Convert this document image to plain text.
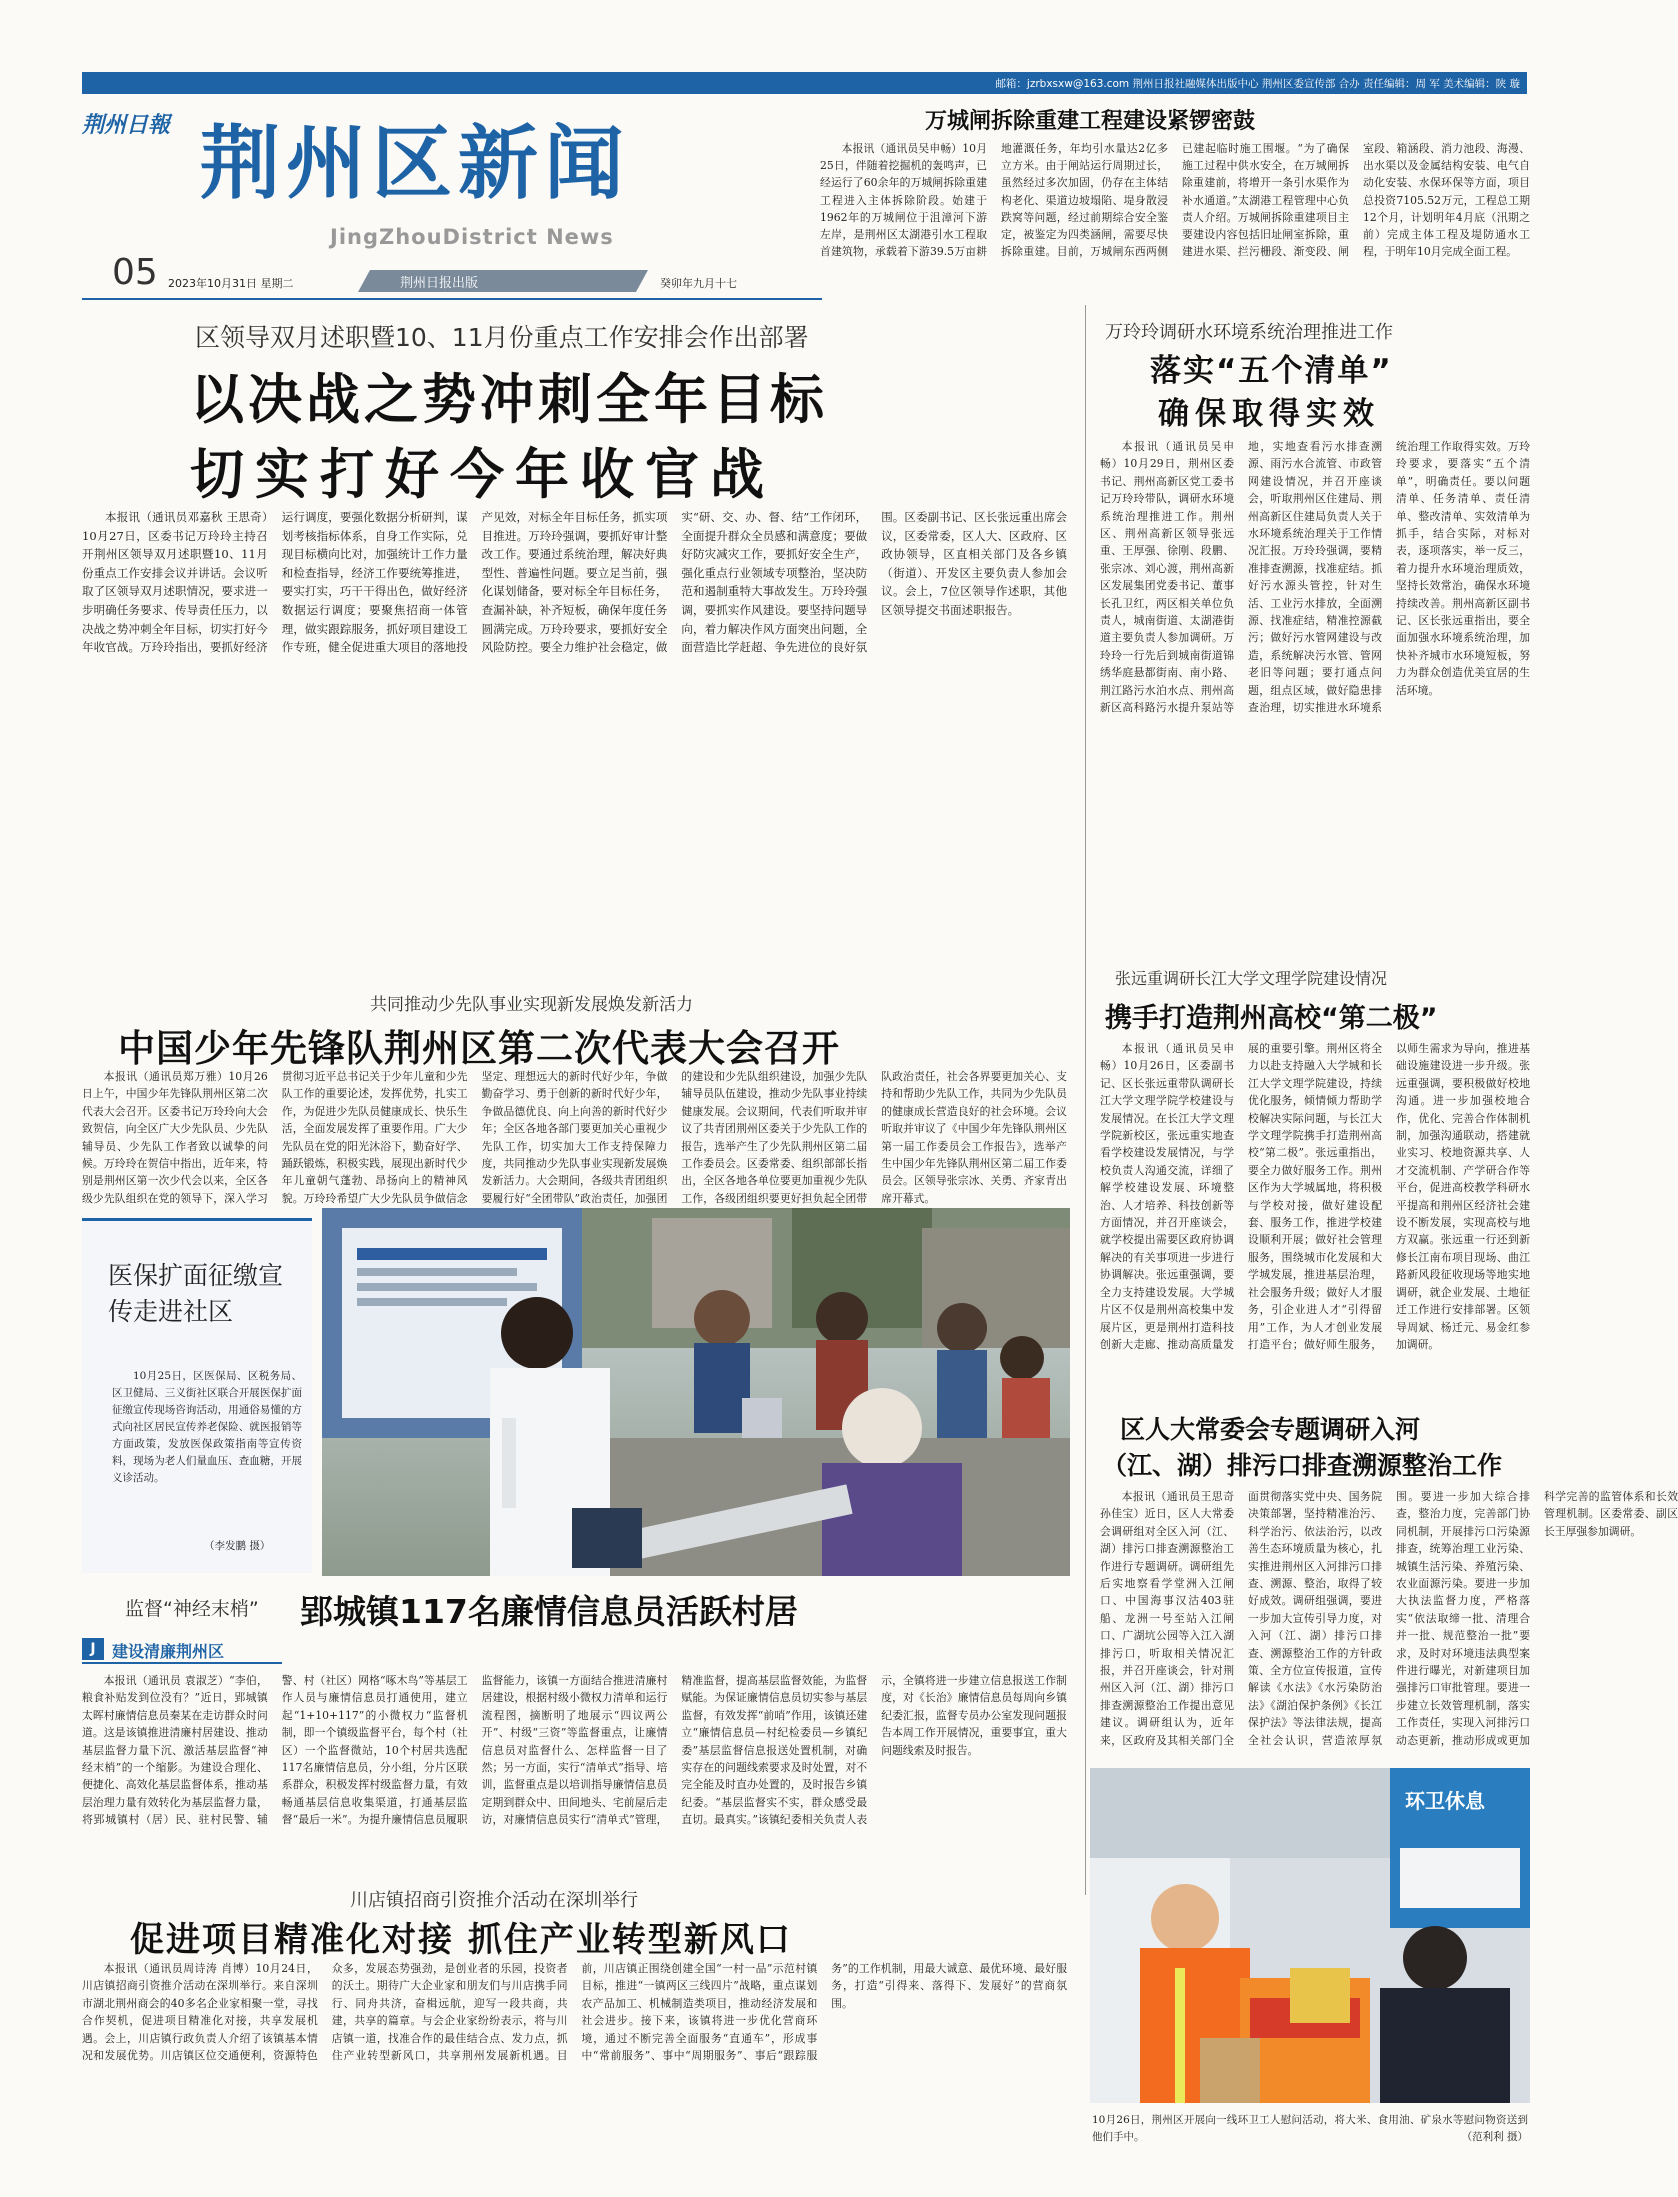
邮箱：jzrbxsxw@163.com 荆州日报社融媒体出版中心 荆州区委宣传部 合办 责任编辑：周 军 美术编辑：陕 璇
荆州日報 荆州区新闻
JingZhouDistrict News
05 2023年10月31日 星期二	荆州日报出版	癸卯年九月十七
万城闸拆除重建工程建设紧锣密鼓

本报讯（通讯员吴申畅）10月25日，伴随着挖掘机的轰鸣声，已经运行了60余年的万城闸拆除重建工程进入主体拆除阶段。始建于1962年的万城闸位于沮漳河下游左岸，是荆州区太湖港引水工程取首建筑物，承载着下游39.5万亩耕地灌溉任务，年均引水量达2亿多立方米。由于闸站运行周期过长，虽然经过多次加固，仍存在主体结构老化、渠道边坡塌陷、堤身散浸跌窝等问题，经过前期综合安全鉴定，被鉴定为四类涵闸，需要尽快拆除重建。目前，万城闸东西两侧已建起临时施工围堰。“为了确保施工过程中供水安全，在万城闸拆除重建前，将增开一条引水渠作为补水通道。”太湖港工程管理中心负责人介绍。万城闸拆除重建项目主要建设内容包括旧址闸室拆除，重建进水渠、拦污栅段、渐变段、闸室段、箱涵段、消力池段、海漫、出水渠以及金属结构安装、电气自动化安装、水保环保等方面，项目总投资7105.52万元，工程总工期12个月，计划明年4月底（汛期之前）完成主体工程及堤防通水工程，于明年10月完成全面工程。

区领导双月述职暨10、11月份重点工作安排会作出部署
以决战之势冲刺全年目标
切实打好今年收官战

本报讯（通讯员邓嘉秋 王思奇）10月27日，区委书记万玲玲主持召开荆州区领导双月述职暨10、11月份重点工作安排会议并讲话。会议听取了区领导双月述职情况，要求进一步明确任务要求、传导责任压力，以决战之势冲刺全年目标，切实打好今年收官战。万玲玲指出，要抓好经济运行调度，要强化数据分析研判，谋划考核指标体系，自身工作实际，兑现目标横向比对，加强统计工作力量和检查指导，经济工作要统筹推进，要实打实，巧干干得出色，做好经济数据运行调度；要聚焦招商一体管理，做实跟踪服务，抓好项目建设工作专班，健全促进重大项目的落地投产见效，对标全年目标任务，抓实项目推进。万玲玲强调，要抓好审计整改工作。要通过系统治理，解决好典型性、普遍性问题。要立足当前，强化谋划储备，要对标全年目标任务，查漏补缺，补齐短板，确保年度任务圆满完成。万玲玲要求，要抓好安全风险防控。要全力维护社会稳定，做实“研、交、办、督、结”工作闭环，全面提升群众全员感和满意度；要做好防灾减灾工作，要抓好安全生产，强化重点行业领域专项整治，坚决防范和遏制重特大事故发生。万玲玲强调，要抓实作风建设。要坚持问题导向，着力解决作风方面突出问题，全面营造比学赶超、争先进位的良好氛围。区委副书记、区长张远重出席会议，区委常委，区人大、区政府、区政协领导，区直相关部门及各乡镇（街道）、开发区主要负责人参加会议。会上，7位区领导作述职，其他区领导提交书面述职报告。

万玲玲调研水环境系统治理推进工作
落实“五个清单”
确保取得实效

本报讯（通讯员吴申畅）10月29日，荆州区委书记、荆州高新区党工委书记万玲玲带队，调研水环境系统治理推进工作。荆州区、荆州高新区领导张远重、王厚强、徐刚、段鹏、张宗冰、刘心渡，荆州高新区发展集团党委书记、董事长孔卫红，两区相关单位负责人，城南街道、太湖港街道主要负责人参加调研。万玲玲一行先后到城南街道锦绣华庭悬都街南、南小路、荆江路污水泊水点、荆州高新区高科路污水提升泵站等地，实地查看污水排查溯源、雨污水合流管、市政管网建设情况，并召开座谈会，听取荆州区住建局、荆州高新区住建局负责人关于水环境系统治理关于工作情况汇报。万玲玲强调，要精准排查溯源，找准症结。抓好污水源头管控，针对生活、工业污水排放，全面溯源、找准症结，精准控源截污；做好污水管网建设与改造，系统解决污水管、管网老旧等问题；要打通点问题，组点区域，做好隐患排查治理，切实推进水环境系统治理工作取得实效。万玲玲要求，要落实“五个清单”，明确责任。要以问题清单、任务清单、责任清单、整改清单、实效清单为抓手，结合实际，对标对表，逐项落实，举一反三，着力提升水环境治理质效，坚持长效常治，确保水环境持续改善。荆州高新区副书记、区长张远重指出，要全面加强水环境系统治理，加快补齐城市水环境短板，努力为群众创造优美宜居的生活环境。

共同推动少先队事业实现新发展焕发新活力
中国少年先锋队荆州区第二次代表大会召开

本报讯（通讯员郑万雅）10月26日上午，中国少年先锋队荆州区第二次代表大会召开。区委书记万玲玲向大会致贺信，向全区广大少先队员、少先队辅导员、少先队工作者致以诚挚的问候。万玲玲在贺信中指出，近年来，特别是荆州区第一次少代会以来，全区各级少先队组织在党的领导下，深入学习贯彻习近平总书记关于少年儿童和少先队工作的重要论述，发挥优势，扎实工作，为促进少先队员健康成长、快乐生活，全面发展发挥了重要作用。广大少先队员在党的阳光沐浴下，勤奋好学、踊跃锻炼，积极实践，展现出新时代少年儿童朝气蓬勃、昂扬向上的精神风貌。万玲玲希望广大少先队员争做信念坚定、理想远大的新时代好少年，争做勤奋学习、勇于创新的新时代好少年，争做品德优良、向上向善的新时代好少年；全区各地各部门要更加关心重视少先队工作，切实加大工作支持保障力度，共同推动少先队事业实现新发展焕发新活力。大会期间，各级共青团组织要履行好“全团带队”政治责任，加强团的建设和少先队组织建设，加强少先队辅导员队伍建设，推动少先队事业持续健康发展。会议期间，代表们听取并审议了共青团荆州区委关于少先队工作的报告，选举产生了少先队荆州区第二届工作委员会。区委常委、组织部部长指出，全区各地各单位要更加重视少先队工作，各级团组织要更好担负起全团带队政治责任，社会各界要更加关心、支持和帮助少先队工作，共同为少先队员的健康成长营造良好的社会环境。会议听取并审议了《中国少年先锋队荆州区第一届工作委员会工作报告》，选举产生中国少年先锋队荆州区第二届工作委员会。区领导张宗冰、关勇、齐家青出席开幕式。

张远重调研长江大学文理学院建设情况
携手打造荆州高校“第二极”

本报讯（通讯员吴申畅）10月26日，区委副书记、区长张远重带队调研长江大学文理学院学校建设与发展情况。在长江大学文理学院新校区，张远重实地查看学校建设发展情况，与学校负责人沟通交流，详细了解学校建设发展、环境整治、人才培养、科技创新等方面情况，并召开座谈会，就学校提出需要区政府协调解决的有关事项进一步进行协调解决。张远重强调，要全力支持建设发展。大学城片区不仅是荆州高校集中发展片区，更是荆州打造科技创新大走廊、推动高质量发展的重要引擎。荆州区将全力以赴支持融入大学城和长江大学文理学院建设，持续优化服务，倾情倾力帮助学校解决实际问题，与长江大学文理学院携手打造荆州高校“第二极”。张远重指出，要全力做好服务工作。荆州区作为大学城属地，将积极与学校对接，做好建设配套、服务工作，推进学校建设顺利开展；做好社会管理服务，围绕城市化发展和大学城发展，推进基层治理，社会服务升级；做好人才服务，引企业进人才“引得留用”工作，为人才创业发展打造平台；做好师生服务，以师生需求为导向，推进基础设施建设进一步升级。张远重强调，要积极做好校地沟通。进一步加强校地合作，优化、完善合作体制机制，加强沟通联动，搭建就业实习、校地资源共享、人才交流机制、产学研合作等平台，促进高校教学科研水平提高和荆州区经济社会建设不断发展，实现高校与地方双赢。张远重一行还到新修长江南布项目现场、曲江路新风段征收现场等地实地调研，就企业发展、土地征迁工作进行安排部署。区领导周斌、杨迁元、易金红参加调研。

医保扩面征缴宣传走进社区

10月25日，区医保局、区税务局、区卫健局、三义街社区联合开展医保扩面征缴宣传现场咨询活动，用通俗易懂的方式向社区居民宣传养老保险、就医报销等方面政策，发放医保政策指南等宣传资料，现场为老人们量血压、查血糖，开展义诊活动。

（李发鹏 摄）
区人大常委会专题调研入河
（江、湖）排污口排查溯源整治工作

本报讯（通讯员王思奇 孙佳宝）近日，区人大常委会调研组对全区入河（江、湖）排污口排查溯源整治工作进行专题调研。调研组先后实地察看学堂洲入江闸口、中国海事汉沽403驻船、龙洲一号至站入江闸口、广湖坑公园等入江入湖排污口，听取相关情况汇报，并召开座谈会，针对荆州区入河（江、湖）排污口排查溯源整治工作提出意见建议。调研组认为，近年来，区政府及其相关部门全面贯彻落实党中央、国务院决策部署，坚持精准治污、科学治污、依法治污，以改善生态环境质量为核心，扎实推进荆州区入河排污口排查、溯源、整治，取得了较好成效。调研组强调，要进一步加大宣传引导力度，对入河（江、湖）排污口排查、溯源整治工作的方针政策、全方位宣传报道，宣传解读《水法》《水污染防治法》《湖泊保护条例》《长江保护法》等法律法规，提高全社会认识，营造浓厚氛围。要进一步加大综合排查，整治力度，完善部门协同机制，开展排污口污染源排查，统筹治理工业污染、城镇生活污染、养殖污染、农业面源污染。要进一步加大执法监督力度，严格落实“依法取缔一批、清理合并一批、规范整治一批”要求，及时对环境违法典型案件进行曝光，对新建项目加强排污口审批管理。要进一步建立长效管理机制，落实工作责任，实现入河排污口动态更新，推动形成或更加科学完善的监管体系和长效管理机制。区委常委、副区长王厚强参加调研。

监督“神经末梢” 郢城镇117名廉情信息员活跃村居
J	建设清廉荆州区

本报讯（通讯员 袁淑芝）“李伯，粮食补贴发到位没有？”近日，郢城镇太晖村廉情信息员秦某在走访群众时问道。这是该镇推进清廉村居建设、推动基层监督力量下沉、激活基层监督“神经末梢”的一个缩影。为建设合理化、便捷化、高效化基层监督体系，推动基层治理力量有效转化为基层监督力量，将郢城镇村（居）民、驻村民警、辅警、村（社区）网格“啄木鸟”等基层工作人员与廉情信息员打通使用，建立起“1+10+117”的小微权力“监督机制，即一个镇级监督平台，每个村（社区）一个监督微站，10个村居共选配117名廉情信息员，分小组，分片区联系群众，积极发挥村级监督力量，有效畅通基层信息收集渠道，打通基层监督“最后一米”。为提升廉情信息员履职监督能力，该镇一方面结合推进清廉村居建设，根据村级小微权力清单和运行流程图，摘断明了地展示“四议两公开”、村级“三资”等监督重点，让廉情信息员对监督什么、怎样监督一目了然；另一方面，实行“清单式”指导、培训，监督重点是以培训指导廉情信息员定期到群众中、田间地头、宅前屋后走访，对廉情信息员实行“清单式”管理，精准监督，提高基层监督效能，为监督赋能。为保证廉情信息员切实参与基层监督，有效发挥“前哨”作用，该镇还建立“廉情信息员—村纪检委员—乡镇纪委”基层监督信息报送处置机制，对确实存在的问题线索要求及时处置，对不完全能及时直办处置的，及时报告乡镇纪委。“基层监督实不实，群众感受最直切。最真实。”该镇纪委相关负责人表示，全镇将进一步建立信息报送工作制度，对《长治》廉情信息员每周向乡镇纪委汇报，监督专员办公室发现问题报告本周工作开展情况，重要事宜，重大问题线索及时报告。

川店镇招商引资推介活动在深圳举行
促进项目精准化对接 抓住产业转型新风口

本报讯（通讯员周诗涛 肖博）10月24日，川店镇招商引资推介活动在深圳举行。来自深圳市湖北荆州商会的40多名企业家相聚一堂，寻找合作契机，促进项目精准化对接，共享发展机遇。会上，川店镇行政负责人介绍了该镇基本情况和发展优势。川店镇区位交通便利，资源特色众多，发展态势强劲，是创业者的乐园，投资者的沃土。期待广大企业家和朋友们与川店携手同行、同舟共济，奋楫远航，迎写一段共商，共建，共享的篇章。与会企业家纷纷表示，将与川店镇一道，找准合作的最佳结合点、发力点，抓住产业转型新风口，共享荆州发展新机遇。目前，川店镇正围绕创建全国“一村一品”示范村镇目标，推进“一镇两区三线四片”战略，重点谋划农产品加工、机械制造类项目，推动经济发展和社会进步。接下来，该镇将进一步优化营商环境，通过不断完善全面服务“直通车”，形成事中“常前服务”、事中“周期服务”、事后“跟踪服务”的工作机制，用最大诚意、最优环境、最好服务，打造“引得来、落得下、发展好”的营商氛围。

环卫休息
10月26日，荆州区开展向一线环卫工人慰问活动，将大米、食用油、矿泉水等慰问物资送到他们手中。	（范利利 摄）
